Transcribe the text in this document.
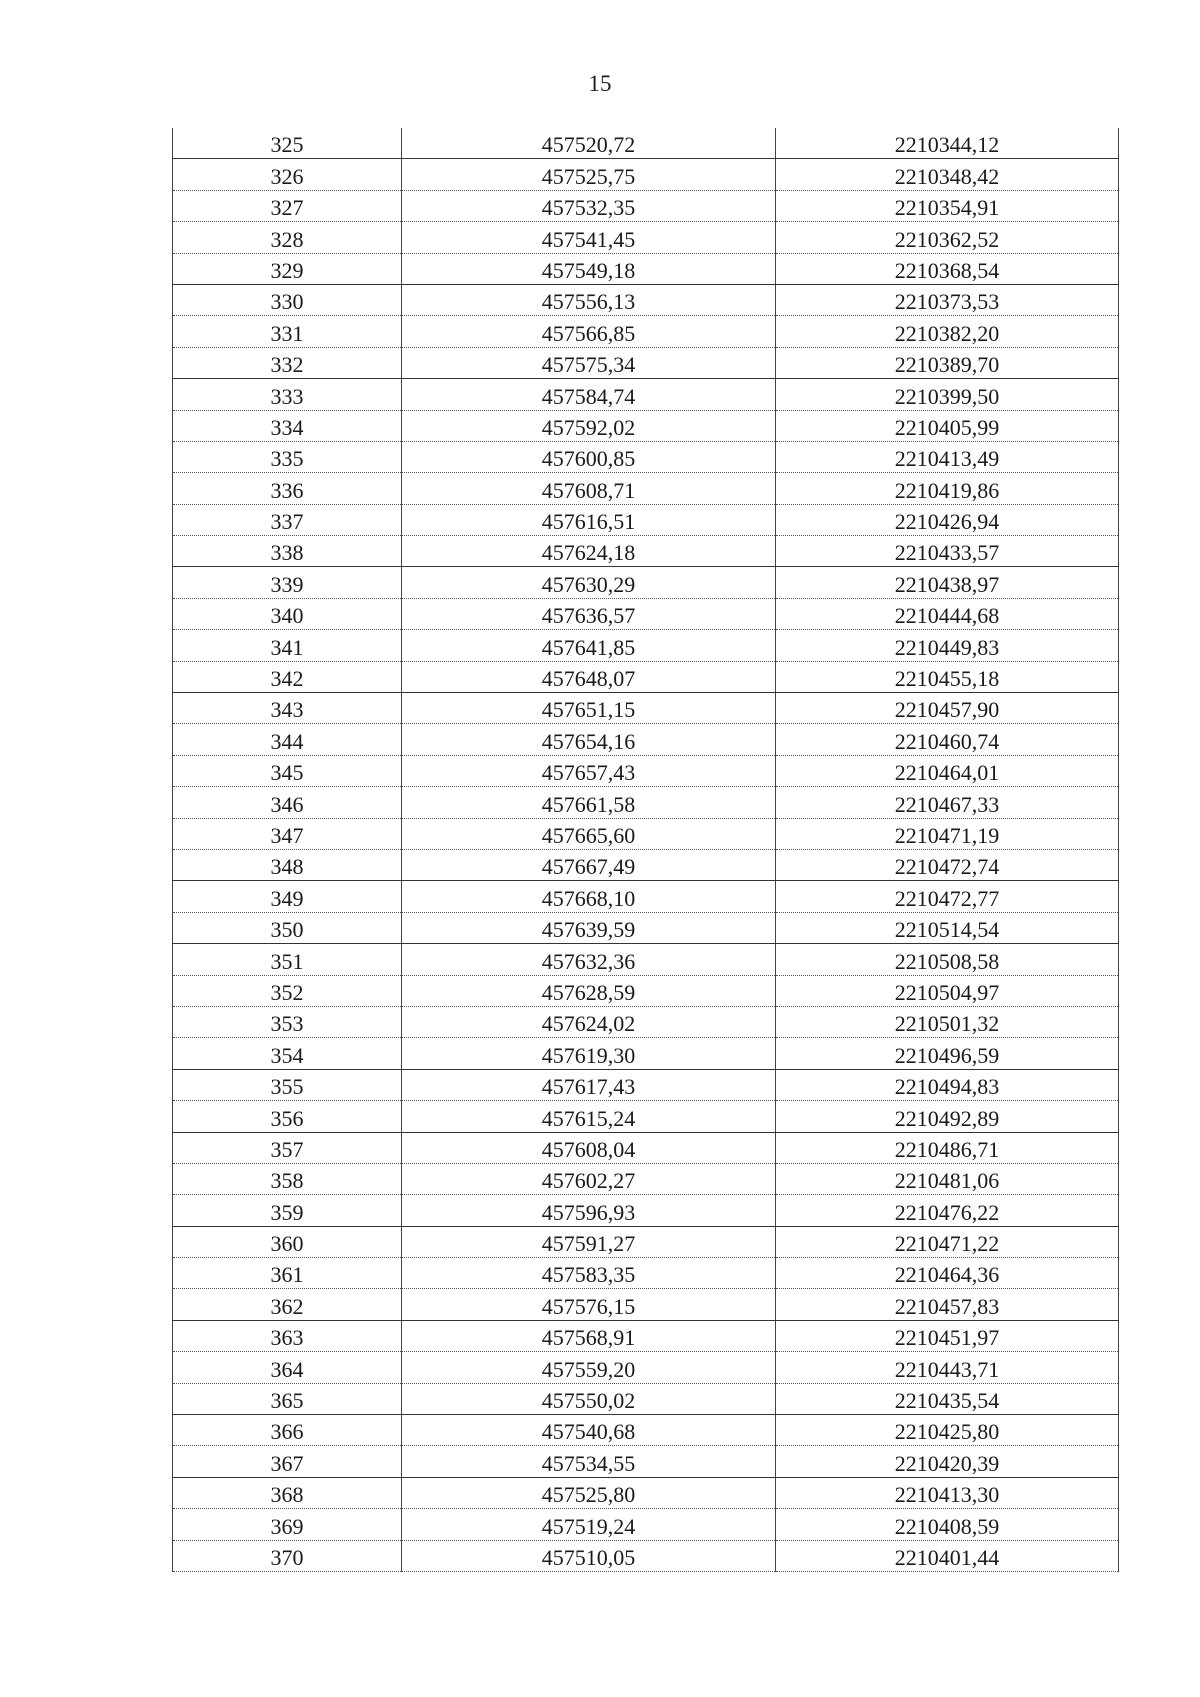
15
325	457520,72	2210344,12
326	457525,75	2210348,42
327	457532,35	2210354,91
328	457541,45	2210362,52
329	457549,18	2210368,54
330	457556,13	2210373,53
331	457566,85	2210382,20
332	457575,34	2210389,70
333	457584,74	2210399,50
334	457592,02	2210405,99
335	457600,85	2210413,49
336	457608,71	2210419,86
337	457616,51	2210426,94
338	457624,18	2210433,57
339	457630,29	2210438,97
340	457636,57	2210444,68
341	457641,85	2210449,83
342	457648,07	2210455,18
343	457651,15	2210457,90
344	457654,16	2210460,74
345	457657,43	2210464,01
346	457661,58	2210467,33
347	457665,60	2210471,19
348	457667,49	2210472,74
349	457668,10	2210472,77
350	457639,59	2210514,54
351	457632,36	2210508,58
352	457628,59	2210504,97
353	457624,02	2210501,32
354	457619,30	2210496,59
355	457617,43	2210494,83
356	457615,24	2210492,89
357	457608,04	2210486,71
358	457602,27	2210481,06
359	457596,93	2210476,22
360	457591,27	2210471,22
361	457583,35	2210464,36
362	457576,15	2210457,83
363	457568,91	2210451,97
364	457559,20	2210443,71
365	457550,02	2210435,54
366	457540,68	2210425,80
367	457534,55	2210420,39
368	457525,80	2210413,30
369	457519,24	2210408,59
370	457510,05	2210401,44
